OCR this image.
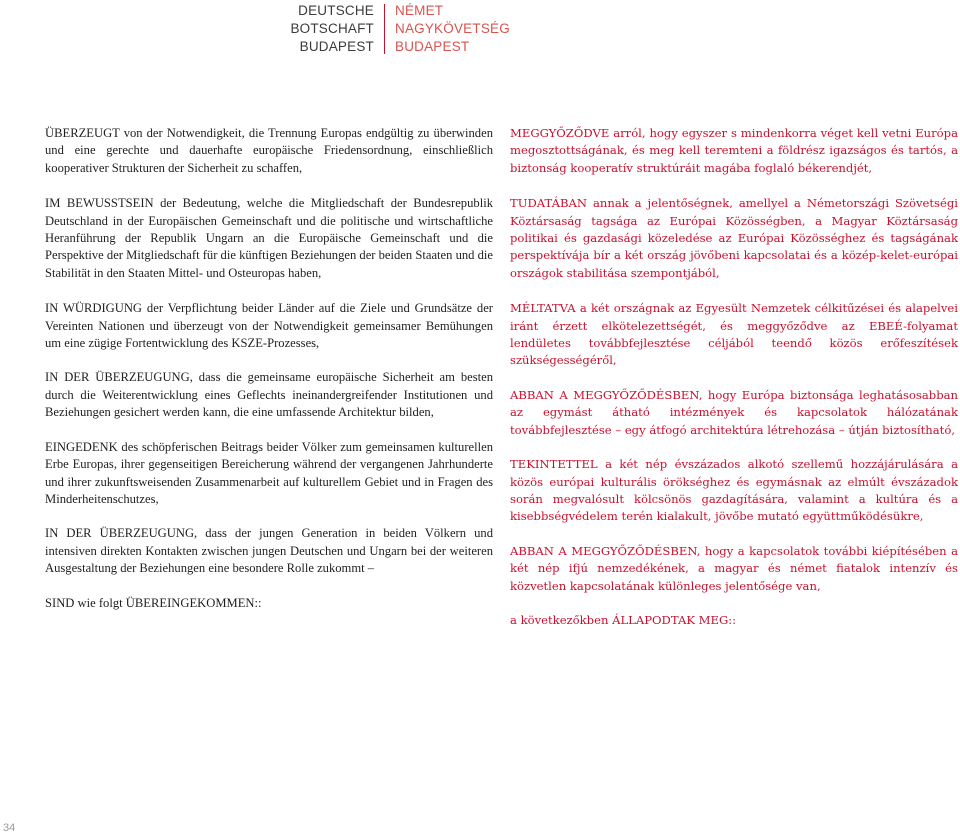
DEUTSCHE
BOTSCHAFT
BUDAPEST
NÉMET
NAGYKÖVETSÉG
BUDAPEST

ÜBERZEUGT von der Notwendigkeit, die Trennung Europas endgültig zu überwinden und eine gerechte und dauerhafte europäische Friedensordnung, einschließlich kooperativer Strukturen der Sicherheit zu schaffen,

IM BEWUSSTSEIN der Bedeutung, welche die Mitgliedschaft der Bundesrepublik Deutschland in der Europäischen Gemeinschaft und die politische und wirtschaftliche Heranführung der Republik Ungarn an die Europäische Gemeinschaft und die Perspektive der Mitgliedschaft für die künftigen Beziehungen der beiden Staaten und die Stabilität in den Staaten Mittel- und Osteuropas haben,

IN WÜRDIGUNG der Verpflichtung beider Länder auf die Ziele und Grundsätze der Vereinten Nationen und überzeugt von der Notwendigkeit gemeinsamer Bemühungen um eine zügige Fortentwicklung des KSZE-Prozesses,

IN DER ÜBERZEUGUNG, dass die gemeinsame europäische Sicherheit am besten durch die Weiterentwicklung eines Geflechts ineinandergreifender Institutionen und Beziehungen gesichert werden kann, die eine umfassende Architektur bilden,

EINGEDENK des schöpferischen Beitrags beider Völker zum gemeinsamen kulturellen Erbe Europas, ihrer gegenseitigen Bereicherung während der vergangenen Jahrhunderte und ihrer zukunftsweisenden Zusammenarbeit auf kulturellem Gebiet und in Fragen des Minderheitenschutzes,

IN DER ÜBERZEUGUNG, dass der jungen Generation in beiden Völkern und intensiven direkten Kontakten zwischen jungen Deutschen und Ungarn bei der weiteren Ausgestaltung der Beziehungen eine besondere Rolle zukommt –

SIND wie folgt ÜBEREINGEKOMMEN::

MEGGYŐZŐDVE arról, hogy egyszer s mindenkorra véget kell vetni Európa megosztottságának, és meg kell teremteni a földrész igazságos és tartós, a biztonság kooperatív struktúráit magába foglaló békerendjét,

TUDATÁBAN annak a jelentőségnek, amellyel a Németországi Szövetségi Köztársaság tagsága az Európai Közösségben, a Magyar Köztársaság politikai és gazdasági közeledése az Európai Közösséghez és tagságának perspektívája bír a két ország jövőbeni kapcsolatai és a közép-kelet-európai országok stabilitása szempontjából,

MÉLTATVA a két országnak az Egyesült Nemzetek célkitűzései és alapelvei iránt érzett elkötelezettségét, és meggyőződve az EBEÉ-folyamat lendületes továbbfejlesztése céljából teendő közös erőfeszítések szükségességéről,

ABBAN A MEGGYŐZŐDÉSBEN, hogy Európa biztonsága leghatásosabban az egymást átható intézmények és kapcsolatok hálózatának továbbfejlesztése – egy átfogó architektúra létrehozása – útján biztosítható,

TEKINTETTEL a két nép évszázados alkotó szellemű hozzájárulására a közös európai kulturális örökséghez és egymásnak az elmúlt évszázadok során megvalósult kölcsönös gazdagítására, valamint a kultúra és a kisebbségvédelem terén kialakult, jövőbe mutató együttműködésükre,

ABBAN A MEGGYŐZŐDÉSBEN, hogy a kapcsolatok további kiépítésében a két nép ifjú nemzedékének, a magyar és német fiatalok intenzív és közvetlen kapcsolatának különleges jelentősége van,

a következőkben ÁLLAPODTAK MEG::

34
